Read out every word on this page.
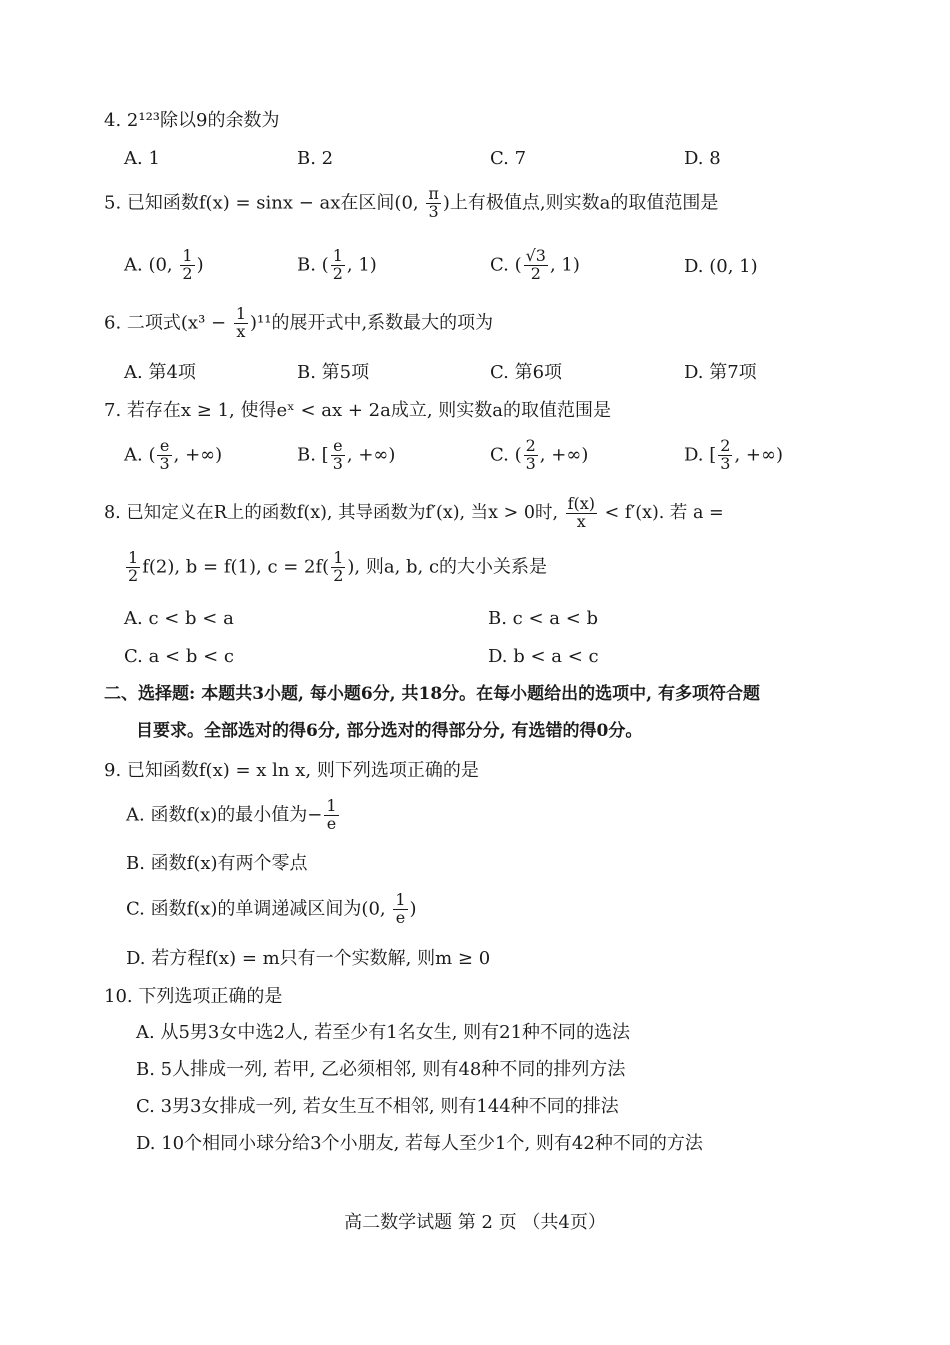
4. 2¹²³除以9的余数为
A. 1	B. 2	C. 7	D. 8
5. 已知函数f(x) = sinx − ax在区间(0, $\frac{\pi}{3}$ )上有极值点,则实数a的取值范围是
A. (0, $\frac{1}{2}$ )	B. ( $\frac{1}{2}$ , 1)	C. ( $\frac{√3}{2}$ , 1)	D. (0, 1)
6. 二项式$(x^3 - \frac{1}{x} )^{11}$的展开式中,系数最大的项为
A. 第4项	B. 第5项	C. 第6项	D. 第7项
7. 若存在x ≥ 1, 使得eˣ < ax + 2a成立, 则实数a的取值范围是
A. ( $\frac{e}{3}$ , +∞)	B. [ $\frac{e}{3}$ , +∞)	C. ( $\frac{2}{3}$ , +∞)	D. [ $\frac{2}{3}$ , +∞)
8. 已知定义在R上的函数f(x), 其导函数为f′(x), 当x > 0时, $\frac{f(x)}{x} < f'(x)$. 若 a =
$\frac{1}{2} f(2)$, b = f(1), $c = 2f( \frac{1}{2}$ ), 则a, b, c的大小关系是
A. c < b < a	B. c < a < b
C. a < b < c	D. b < a < c
二、选择题: 本题共3小题, 每小题6分, 共18分。在每小题给出的选项中, 有多项符合题
目要求。全部选对的得6分, 部分选对的得部分分, 有选错的得0分。
9. 已知函数f(x) = x ln x, 则下列选项正确的是
A. 函数f(x)的最小值为− $\frac{1}{e}$
B. 函数f(x)有两个零点
C. 函数f(x)的单调递减区间为(0, $\frac{1}{e}$ )
D. 若方程f(x) = m只有一个实数解, 则m ≥ 0
10. 下列选项正确的是
A. 从5男3女中选2人, 若至少有1名女生, 则有21种不同的选法
B. 5人排成一列, 若甲, 乙必须相邻, 则有48种不同的排列方法
C. 3男3女排成一列, 若女生互不相邻, 则有144种不同的排法
D. 10个相同小球分给3个小朋友, 若每人至少1个, 则有42种不同的方法
高二数学试题 第 2 页 （共4页）
